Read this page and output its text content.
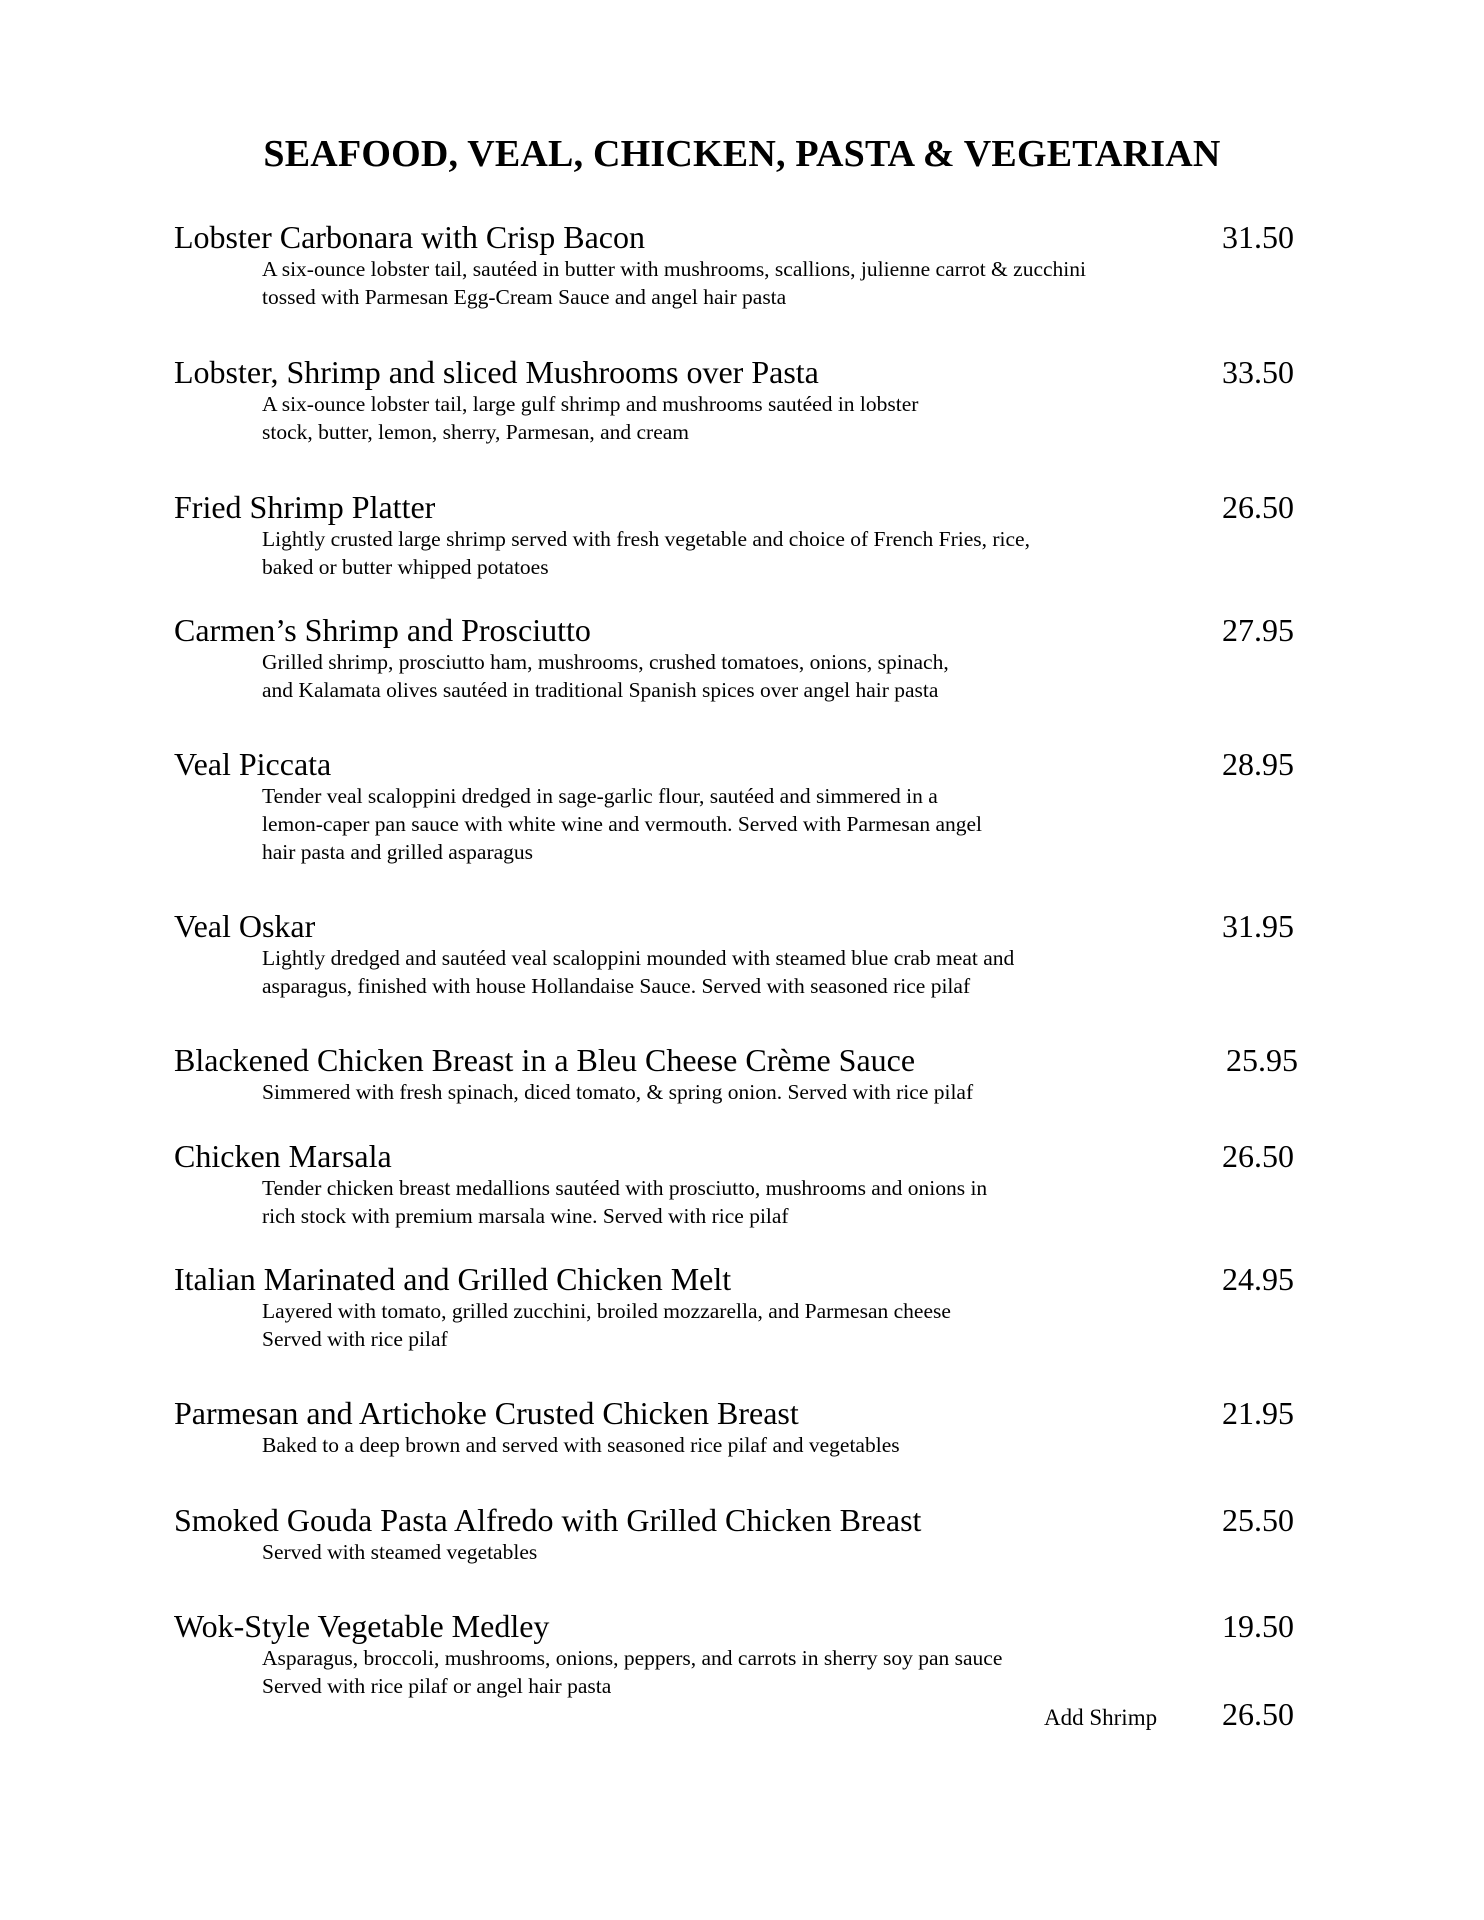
SEAFOOD, VEAL, CHICKEN, PASTA & VEGETARIAN
Lobster Carbonara with Crisp Bacon	31.50
A six-ounce lobster tail, sautéed in butter with mushrooms, scallions, julienne carrot & zucchini
tossed with Parmesan Egg-Cream Sauce and angel hair pasta
Lobster, Shrimp and sliced Mushrooms over Pasta	33.50
A six-ounce lobster tail, large gulf shrimp and mushrooms sautéed in lobster
stock, butter, lemon, sherry, Parmesan, and cream
Fried Shrimp Platter	26.50
Lightly crusted large shrimp served with fresh vegetable and choice of French Fries, rice,
baked or butter whipped potatoes
Carmen’s Shrimp and Prosciutto	27.95
Grilled shrimp, prosciutto ham, mushrooms, crushed tomatoes, onions, spinach,
and Kalamata olives sautéed in traditional Spanish spices over angel hair pasta
Veal Piccata	28.95
Tender veal scaloppini dredged in sage-garlic flour, sautéed and simmered in a
lemon-caper pan sauce with white wine and vermouth. Served with Parmesan angel
hair pasta and grilled asparagus
Veal Oskar	31.95
Lightly dredged and sautéed veal scaloppini mounded with steamed blue crab meat and
asparagus, finished with house Hollandaise Sauce. Served with seasoned rice pilaf
Blackened Chicken Breast in a Bleu Cheese Crème Sauce	25.95
Simmered with fresh spinach, diced tomato, & spring onion. Served with rice pilaf
Chicken Marsala	26.50
Tender chicken breast medallions sautéed with prosciutto, mushrooms and onions in
rich stock with premium marsala wine. Served with rice pilaf
Italian Marinated and Grilled Chicken Melt	24.95
Layered with tomato, grilled zucchini, broiled mozzarella, and Parmesan cheese
Served with rice pilaf
Parmesan and Artichoke Crusted Chicken Breast	21.95
Baked to a deep brown and served with seasoned rice pilaf and vegetables
Smoked Gouda Pasta Alfredo with Grilled Chicken Breast	25.50
Served with steamed vegetables
Wok-Style Vegetable Medley	19.50
Asparagus, broccoli, mushrooms, onions, peppers, and carrots in sherry soy pan sauce
Served with rice pilaf or angel hair pasta
Add Shrimp 26.50
